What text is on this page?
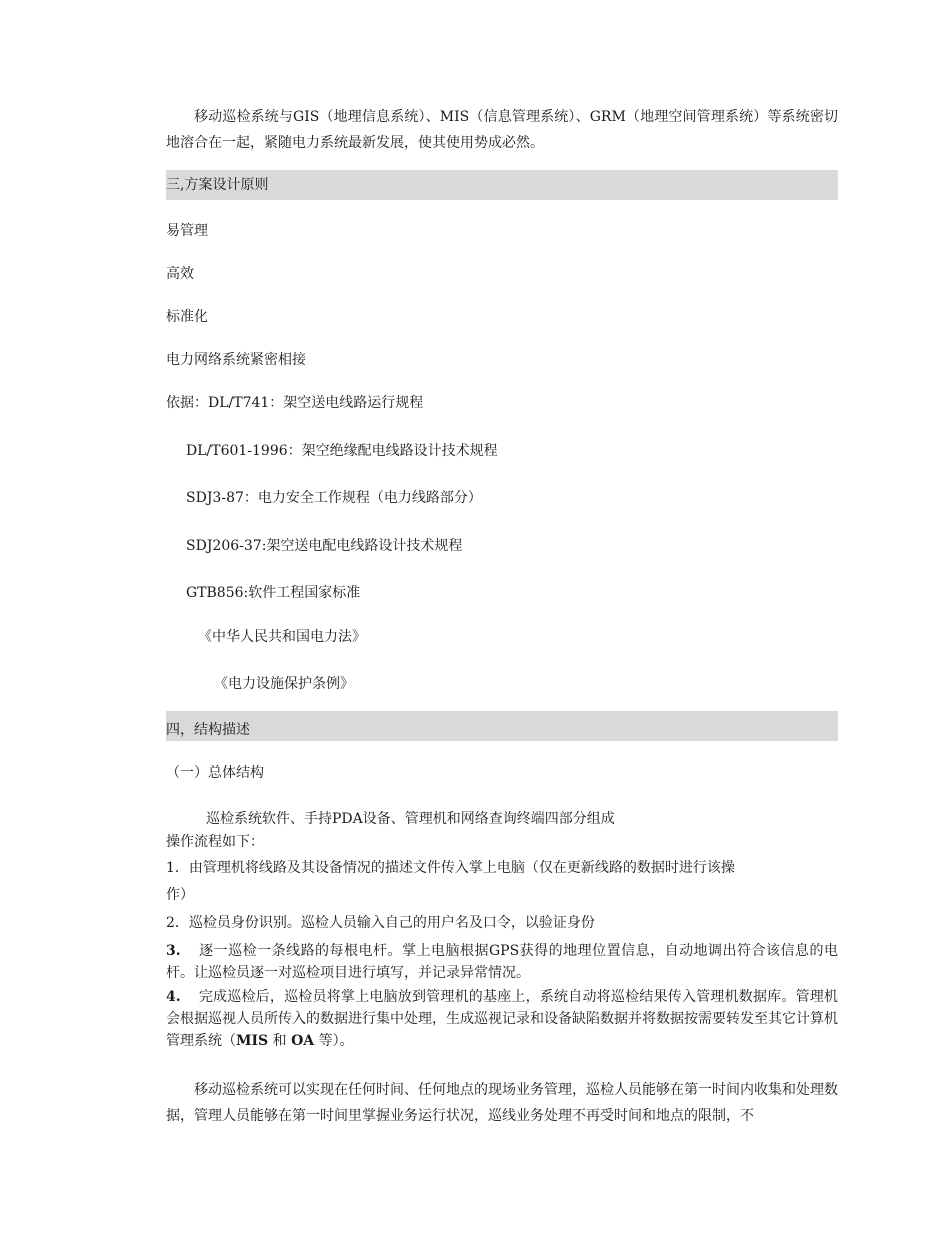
移动巡检系统与GIS（地理信息系统）、MIS（信息管理系统）、GRM（地理空间管理系统）等系统密切地溶合在一起，紧随电力系统最新发展，使其使用势成必然。

三,方案设计原则

易管理

高效

标准化

电力网络系统紧密相接

依据：DL/T741：架空送电线路运行规程

DL/T601-1996：架空绝缘配电线路设计技术规程

SDJ3-87：电力安全工作规程（电力线路部分）

SDJ206-37:架空送电配电线路设计技术规程

GTB856:软件工程国家标准

《中华人民共和国电力法》

《电力设施保护条例》

四，结构描述

（一）总体结构

巡检系统软件、手持PDA设备、管理机和网络查询终端四部分组成

操作流程如下：

1．由管理机将线路及其设备情况的描述文件传入掌上电脑（仅在更新线路的数据时进行该操

作）

2．巡检员身份识别。巡检人员输入自己的用户名及口令，以验证身份

3. 逐一巡检一条线路的每根电杆。掌上电脑根据GPS获得的地理位置信息，自动地调出符合该信息的电杆。让巡检员逐一对巡检项目进行填写，并记录异常情况。

4. 完成巡检后，巡检员将掌上电脑放到管理机的基座上，系统自动将巡检结果传入管理机数据库。管理机会根据巡视人员所传入的数据进行集中处理，生成巡视记录和设备缺陷数据并将数据按需要转发至其它计算机管理系统（MIS 和 OA 等）。

移动巡检系统可以实现在任何时间、任何地点的现场业务管理，巡检人员能够在第一时间内收集和处理数据，管理人员能够在第一时间里掌握业务运行状况，巡线业务处理不再受时间和地点的限制，不
